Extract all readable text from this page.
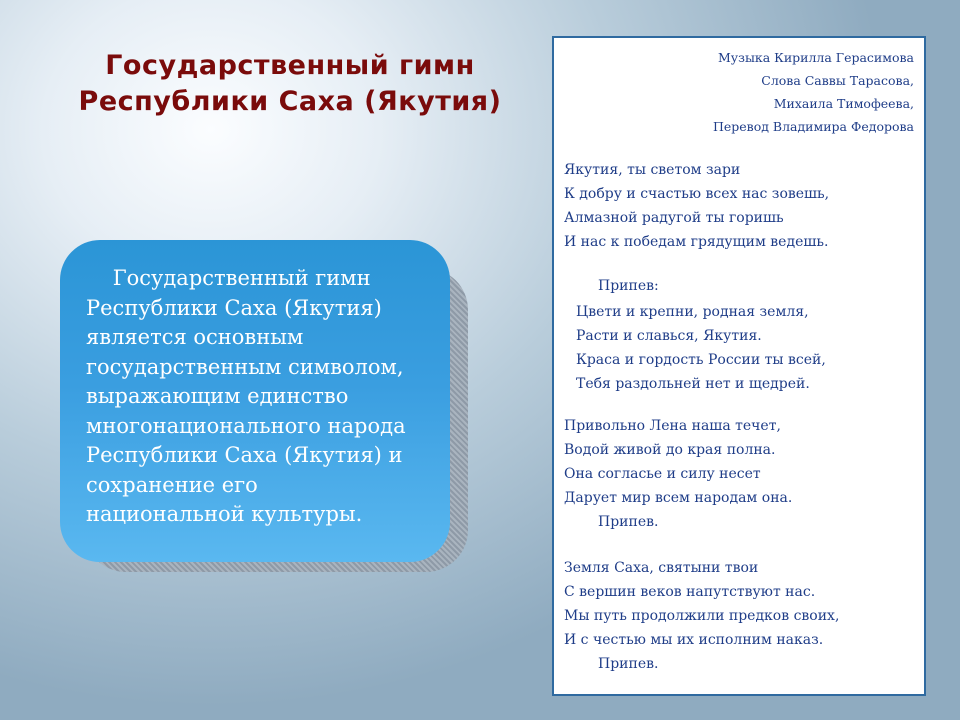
Государственный гимн
Республики Саха (Якутия)

Государственный гимн Республики Саха (Якутия) является основным государственным символом, выражающим единство многонационального народа Республики Саха (Якутия) и сохранение его национальной культуры.

Музыка Кирилла Герасимова
Слова Саввы Тарасова,
Михаила Тимофеева,
Перевод Владимира Федорова
Якутия, ты светом зари
К добру и счастью всех нас зовешь,
Алмазной радугой ты горишь
И нас к победам грядущим ведешь.
Припев:
Цвети и крепни, родная земля,
Расти и славься, Якутия.
Краса и гордость России ты всей,
Тебя раздольней нет и щедрей.
Привольно Лена наша течет,
Водой живой до края полна.
Она согласье и силу несет
Дарует мир всем народам она.
Припев.
Земля Саха, святыни твои
С вершин веков напутствуют нас.
Мы путь продолжили предков своих,
И с честью мы их исполним наказ.
Припев.
